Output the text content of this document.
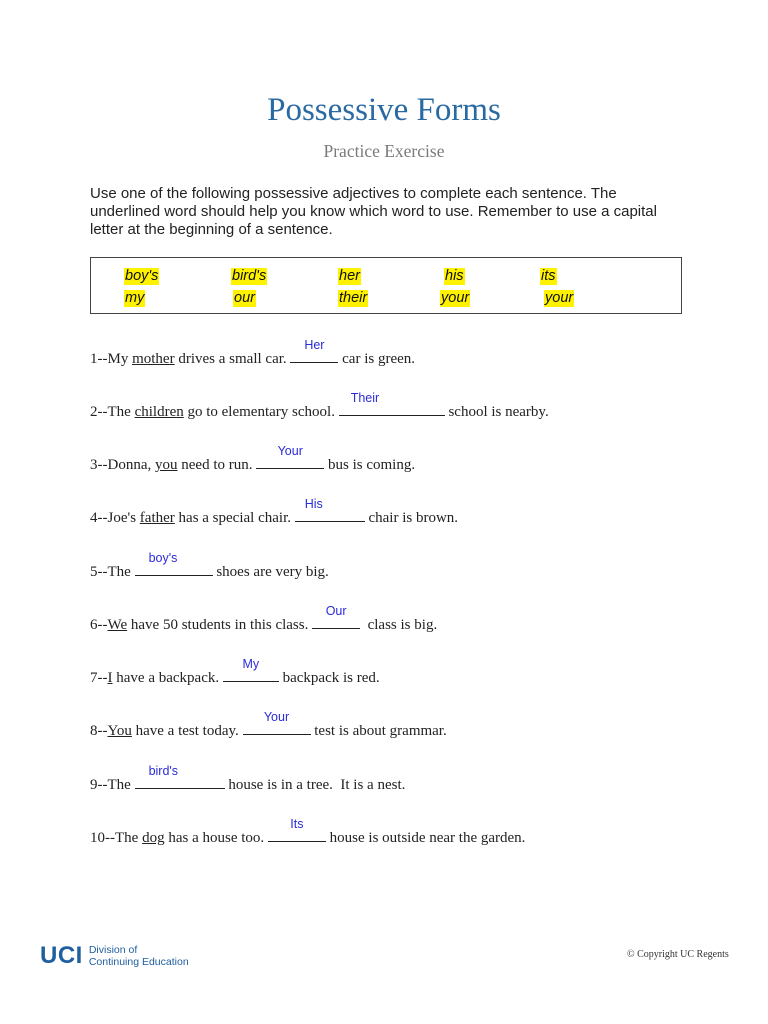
Possessive Forms
Practice Exercise
Use one of the following possessive adjectives to complete each sentence. The underlined word should help you know which word to use. Remember to use a capital letter at the beginning of a sentence.
boy's	bird's	her	his	its
my	our	their	your	your
1--My mother drives a small car.
Her
car is green.
2--The children go to elementary school.
Their
school is nearby.
3--Donna, you need to run.
Your
bus is coming.
4--Joe's father has a special chair.
His
chair is brown.
5--The
boy's
shoes are very big.
6--We have 50 students in this class.
Our
class is big.
7--I have a backpack.
My
backpack is red.
8--You have a test today.
Your
test is about grammar.
9--The
bird's
house is in a tree.  It is a nest.
10--The dog has a house too.
Its
house is outside near the garden.
UCI Division of
Continuing Education
© Copyright UC Regents
